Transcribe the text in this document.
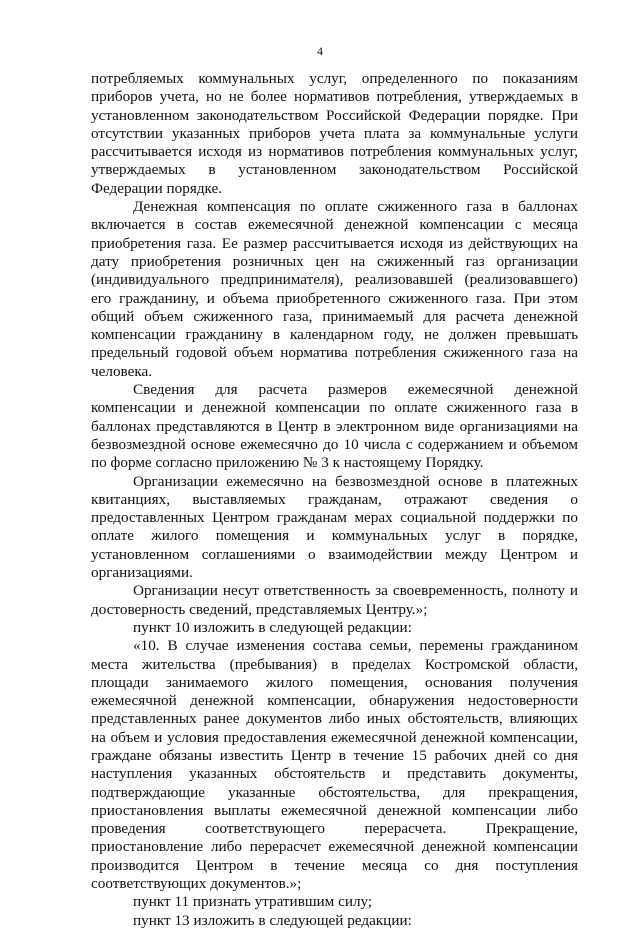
4

потребляемых коммунальных услуг, определенного по показаниям приборов учета, но не более нормативов потребления, утверждаемых в установленном законодательством Российской Федерации порядке. При отсутствии указанных приборов учета плата за коммунальные услуги рассчитывается исходя из нормативов потребления коммунальных услуг, утверждаемых в установленном законодательством Российской Федерации порядке.

Денежная компенсация по оплате сжиженного газа в баллонах включается в состав ежемесячной денежной компенсации с месяца приобретения газа. Ее размер рассчитывается исходя из действующих на дату приобретения розничных цен на сжиженный газ организации (индивидуального предпринимателя), реализовавшей (реализовавшего) его гражданину, и объема приобретенного сжиженного газа. При этом общий объем сжиженного газа, принимаемый для расчета денежной компенсации гражданину в календарном году, не должен превышать предельный годовой объем норматива потребления сжиженного газа на человека.

Сведения для расчета размеров ежемесячной денежной компенсации и денежной компенсации по оплате сжиженного газа в баллонах представляются в Центр в электронном виде организациями на безвозмездной основе ежемесячно до 10 числа с содержанием и объемом по форме согласно приложению № 3 к настоящему Порядку.

Организации ежемесячно на безвозмездной основе в платежных квитанциях, выставляемых гражданам, отражают сведения о предоставленных Центром гражданам мерах социальной поддержки по оплате жилого помещения и коммунальных услуг в порядке, установленном соглашениями о взаимодействии между Центром и организациями.

Организации несут ответственность за своевременность, полноту и достоверность сведений, представляемых Центру.»;

пункт 10 изложить в следующей редакции:

«10. В случае изменения состава семьи, перемены гражданином места жительства (пребывания) в пределах Костромской области, площади занимаемого жилого помещения, основания получения ежемесячной денежной компенсации, обнаружения недостоверности представленных ранее документов либо иных обстоятельств, влияющих на объем и условия предоставления ежемесячной денежной компенсации, граждане обязаны известить Центр в течение 15 рабочих дней со дня наступления указанных обстоятельств и представить документы, подтверждающие указанные обстоятельства, для прекращения, приостановления выплаты ежемесячной денежной компенсации либо проведения соответствующего перерасчета. Прекращение, приостановление либо перерасчет ежемесячной денежной компенсации производится Центром в течение месяца со дня поступления соответствующих документов.»;

пункт 11 признать утратившим силу;

пункт 13 изложить в следующей редакции:
